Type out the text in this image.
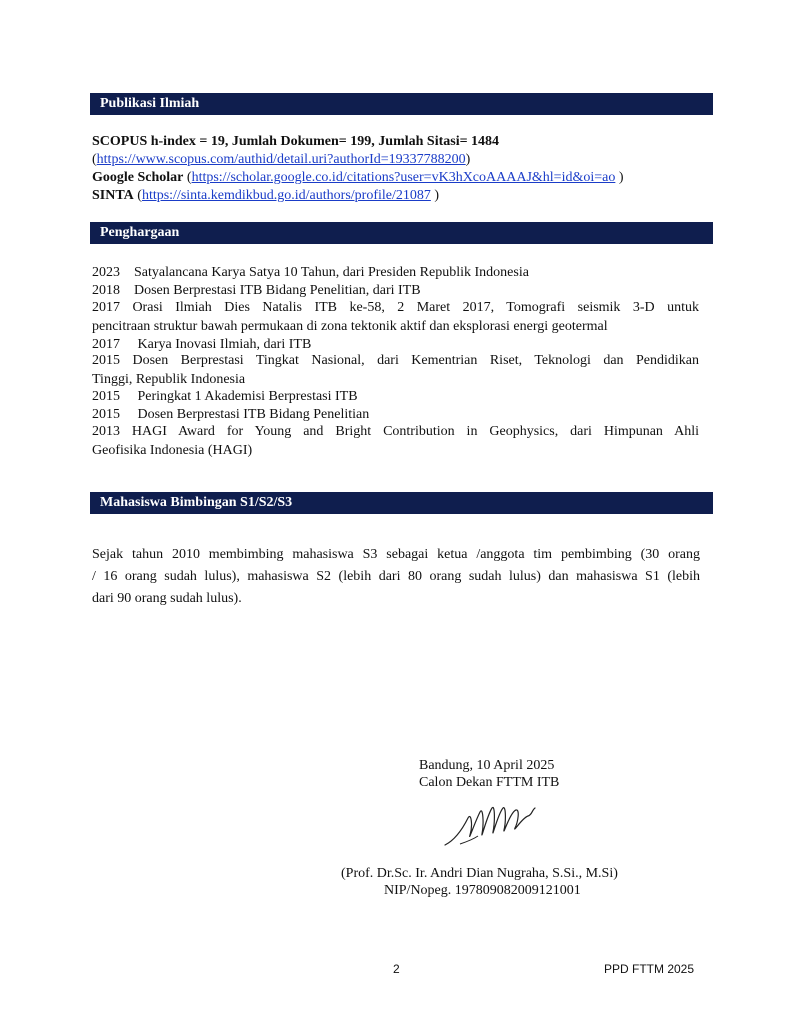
Publikasi Ilmiah
SCOPUS h-index = 19, Jumlah Dokumen= 199, Jumlah Sitasi= 1484
(https://www.scopus.com/authid/detail.uri?authorId=19337788200)
Google Scholar (https://scholar.google.co.id/citations?user=vK3hXcoAAAAJ&hl=id&oi=ao )
SINTA (https://sinta.kemdikbud.go.id/authors/profile/21087 )
Penghargaan
2023    Satyalancana Karya Satya 10 Tahun, dari Presiden Republik Indonesia
2018    Dosen Berprestasi ITB Bidang Penelitian, dari ITB
2017 Orasi Ilmiah Dies Natalis ITB ke-58, 2 Maret 2017, Tomografi seismik 3-D untuk
pencitraan struktur bawah permukaan di zona tektonik aktif dan eksplorasi energi geotermal
2017     Karya Inovasi Ilmiah, dari ITB
2015 Dosen Berprestasi Tingkat Nasional, dari Kementrian Riset, Teknologi dan Pendidikan
Tinggi, Republik Indonesia
2015     Peringkat 1 Akademisi Berprestasi ITB
2015     Dosen Berprestasi ITB Bidang Penelitian
2013 HAGI Award for Young and Bright Contribution in Geophysics, dari Himpunan Ahli
Geofisika Indonesia (HAGI)
Mahasiswa Bimbingan S1/S2/S3
Sejak tahun 2010 membimbing mahasiswa S3 sebagai ketua /anggota tim pembimbing (30 orang
/ 16 orang sudah lulus), mahasiswa S2 (lebih dari 80 orang sudah lulus) dan mahasiswa S1 (lebih
dari 90 orang sudah lulus).
Bandung, 10 April 2025
Calon Dekan FTTM ITB
(Prof. Dr.Sc. Ir. Andri Dian Nugraha, S.Si., M.Si)
NIP/Nopeg. 197809082009121001
2	PPD FTTM 2025
